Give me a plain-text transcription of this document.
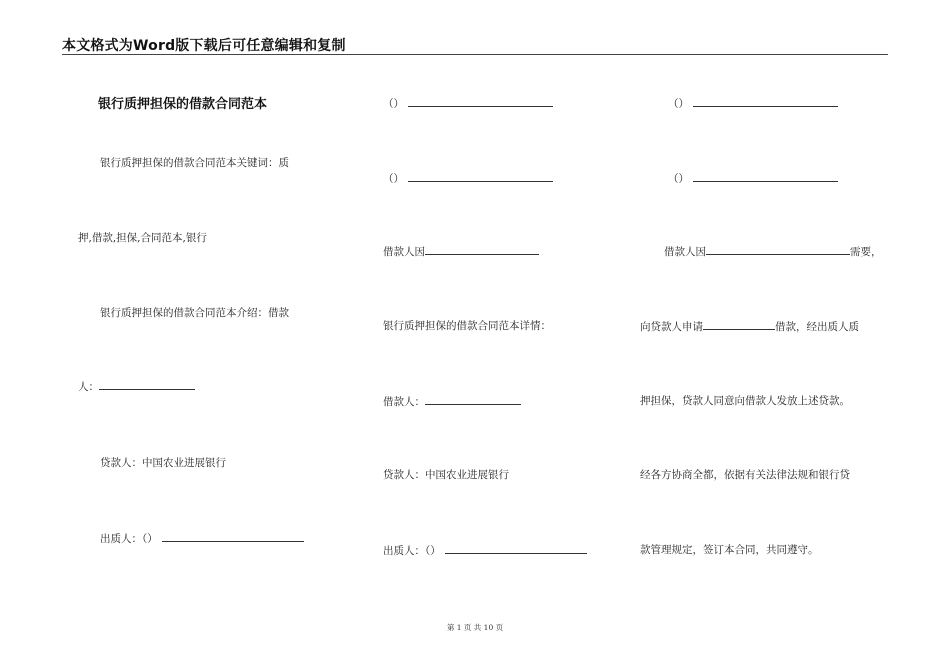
本文格式为Word版下载后可任意编辑和复制
银行质押担保的借款合同范本
银行质押担保的借款合同范本关键词：质
押,借款,担保,合同范本,银行
银行质押担保的借款合同范本介绍：借款
人：
贷款人：中国农业进展银行
出质人：（）
（）
（）
借款人因
银行质押担保的借款合同范本详情：
借款人：
贷款人：中国农业进展银行
出质人：（）
（）
（）
借款人因	需要，
向贷款人申请	借款，经出质人质
押担保，贷款人同意向借款人发放上述贷款。
经各方协商全都，依据有关法律法规和银行贷
款管理规定，签订本合同，共同遵守。
第 1 页 共 10 页
